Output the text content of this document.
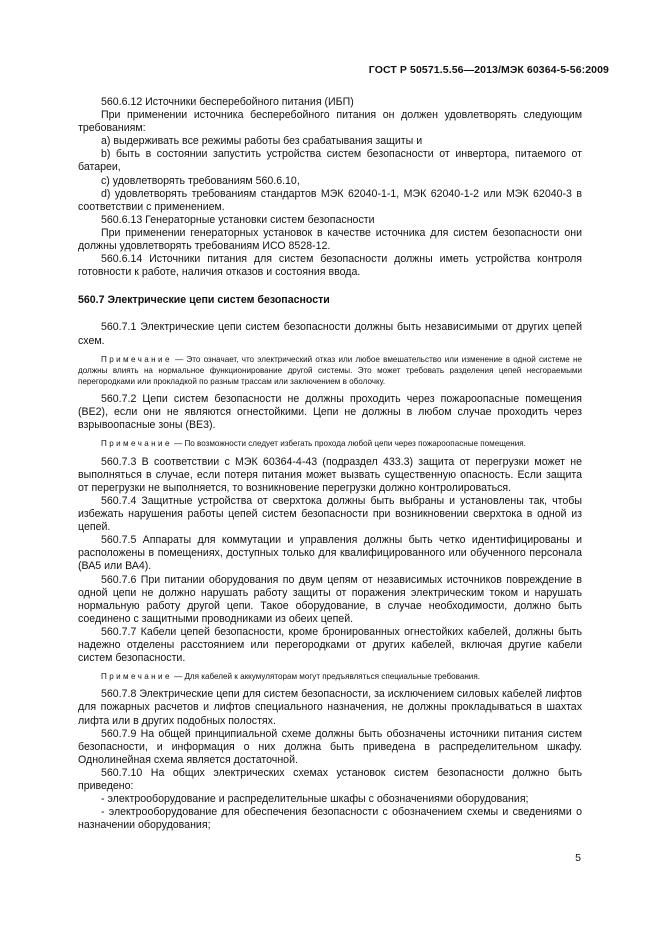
ГОСТ Р 50571.5.56—2013/МЭК 60364-5-56:2009

560.6.12 Источники бесперебойного питания (ИБП)

При применении источника бесперебойного питания он должен удовлетворять следующим требованиям:

a) выдерживать все режимы работы без срабатывания защиты и

b) быть в состоянии запустить устройства систем безопасности от инвертора, питаемого от батареи,

c) удовлетворять требованиям 560.6.10,

d) удовлетворять требованиям стандартов МЭК 62040-1-1, МЭК 62040-1-2 или МЭК 62040-3 в соответствии с применением.

560.6.13 Генераторные установки систем безопасности

При применении генераторных установок в качестве источника для систем безопасности они должны удовлетворять требованиям ИСО 8528-12.

560.6.14 Источники питания для систем безопасности должны иметь устройства контроля готовности к работе, наличия отказов и состояния ввода.

560.7 Электрические цепи систем безопасности

560.7.1 Электрические цепи систем безопасности должны быть независимыми от других цепей схем.

Примечание — Это означает, что электрический отказ или любое вмешательство или изменение в одной системе не должны влиять на нормальное функционирование другой системы. Это может требовать разделения цепей несгораемыми перегородками или прокладкой по разным трассам или заключением в оболочку.

560.7.2 Цепи систем безопасности не должны проходить через пожароопасные помещения (ВЕ2), если они не являются огнестойкими. Цепи не должны в любом случае проходить через взрывоопасные зоны (ВЕ3).

Примечание — По возможности следует избегать прохода любой цепи через пожароопасные помещения.

560.7.3 В соответствии с МЭК 60364-4-43 (подраздел 433.3) защита от перегрузки может не выполняться в случае, если потеря питания может вызвать существенную опасность. Если защита от перегрузки не выполняется, то возникновение перегрузки должно контролироваться.

560.7.4 Защитные устройства от сверхтока должны быть выбраны и установлены так, чтобы избежать нарушения работы цепей систем безопасности при возникновении сверхтока в одной из цепей.

560.7.5 Аппараты для коммутации и управления должны быть четко идентифицированы и расположены в помещениях, доступных только для квалифицированного или обученного персонала (ВА5 или ВА4).

560.7.6 При питании оборудования по двум цепям от независимых источников повреждение в одной цепи не должно нарушать работу защиты от поражения электрическим током и нарушать нормальную работу другой цепи. Такое оборудование, в случае необходимости, должно быть соединено с защитными проводниками из обеих цепей.

560.7.7 Кабели цепей безопасности, кроме бронированных огнестойких кабелей, должны быть надежно отделены расстоянием или перегородками от других кабелей, включая другие кабели систем безопасности.

Примечание — Для кабелей к аккумуляторам могут предъявляться специальные требования.

560.7.8 Электрические цепи для систем безопасности, за исключением силовых кабелей лифтов для пожарных расчетов и лифтов специального назначения, не должны прокладываться в шахтах лифта или в других подобных полостях.

560.7.9 На общей принципиальной схеме должны быть обозначены источники питания систем безопасности, и информация о них должна быть приведена в распределительном шкафу. Однолинейная схема является достаточной.

560.7.10 На общих электрических схемах установок систем безопасности должно быть приведено:

- электрооборудование и распределительные шкафы с обозначениями оборудования;

- электрооборудование для обеспечения безопасности с обозначением схемы и сведениями о назначении оборудования;

5
